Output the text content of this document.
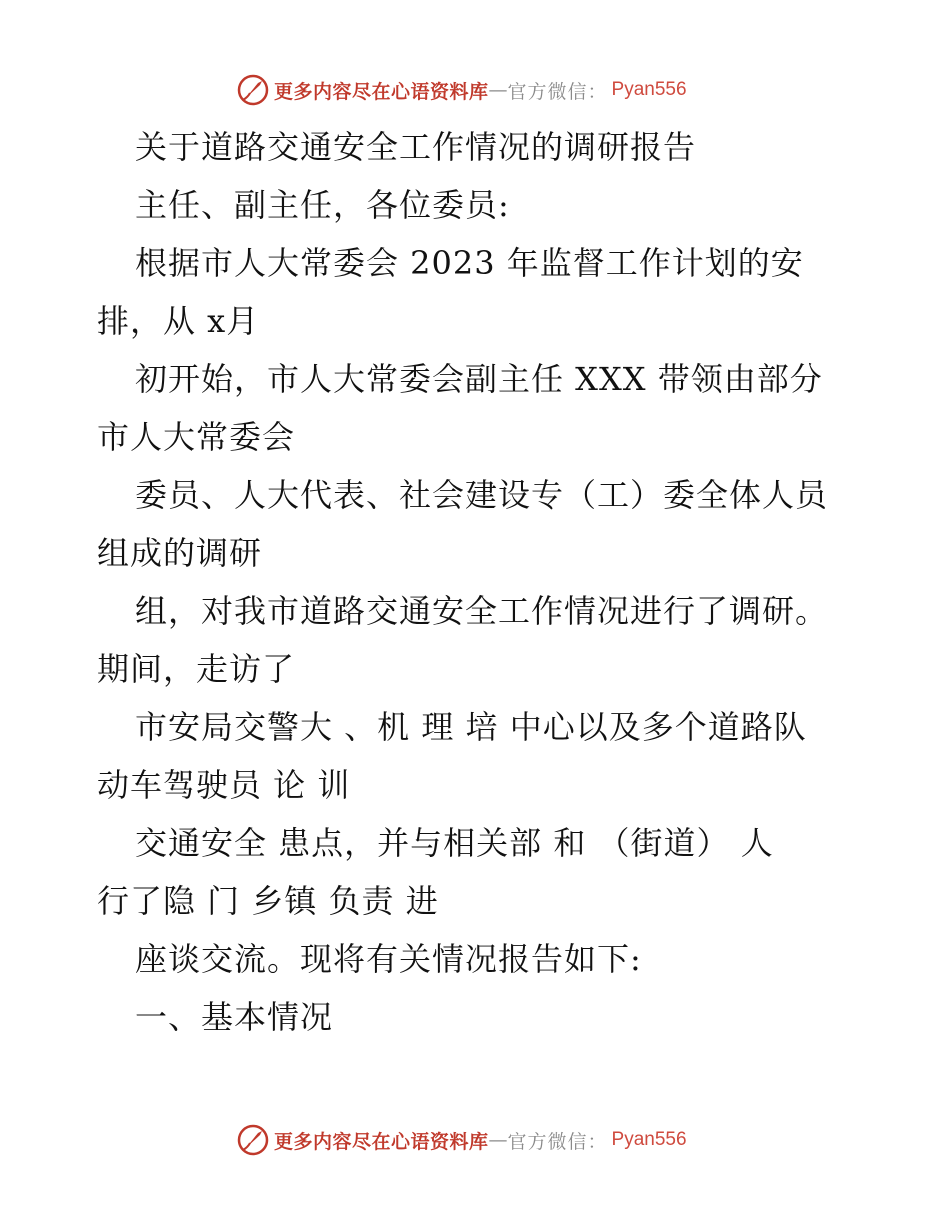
更多内容尽在心语资料库 — 官方微信： Pyan556

关于道路交通安全工作情况的调研报告

主任、副主任，各位委员:

根据市人大常委会 2023 年监督工作计划的安

排，从 x月

初开始，市人大常委会副主任 XXX 带领由部分

市人大常委会

委员、人大代表、社会建设专（工）委全体人员

组成的调研

组，对我市道路交通安全工作情况进行了调研。

期间，走访了

市安局交警大 、机 理 培 中心以及多个道路队

动车驾驶员 论 训

交通安全 患点，并与相关部 和 （街道） 人

行了隐 门 乡镇 负责 进

座谈交流。现将有关情况报告如下:

一、基本情况

更多内容尽在心语资料库 — 官方微信： Pyan556
